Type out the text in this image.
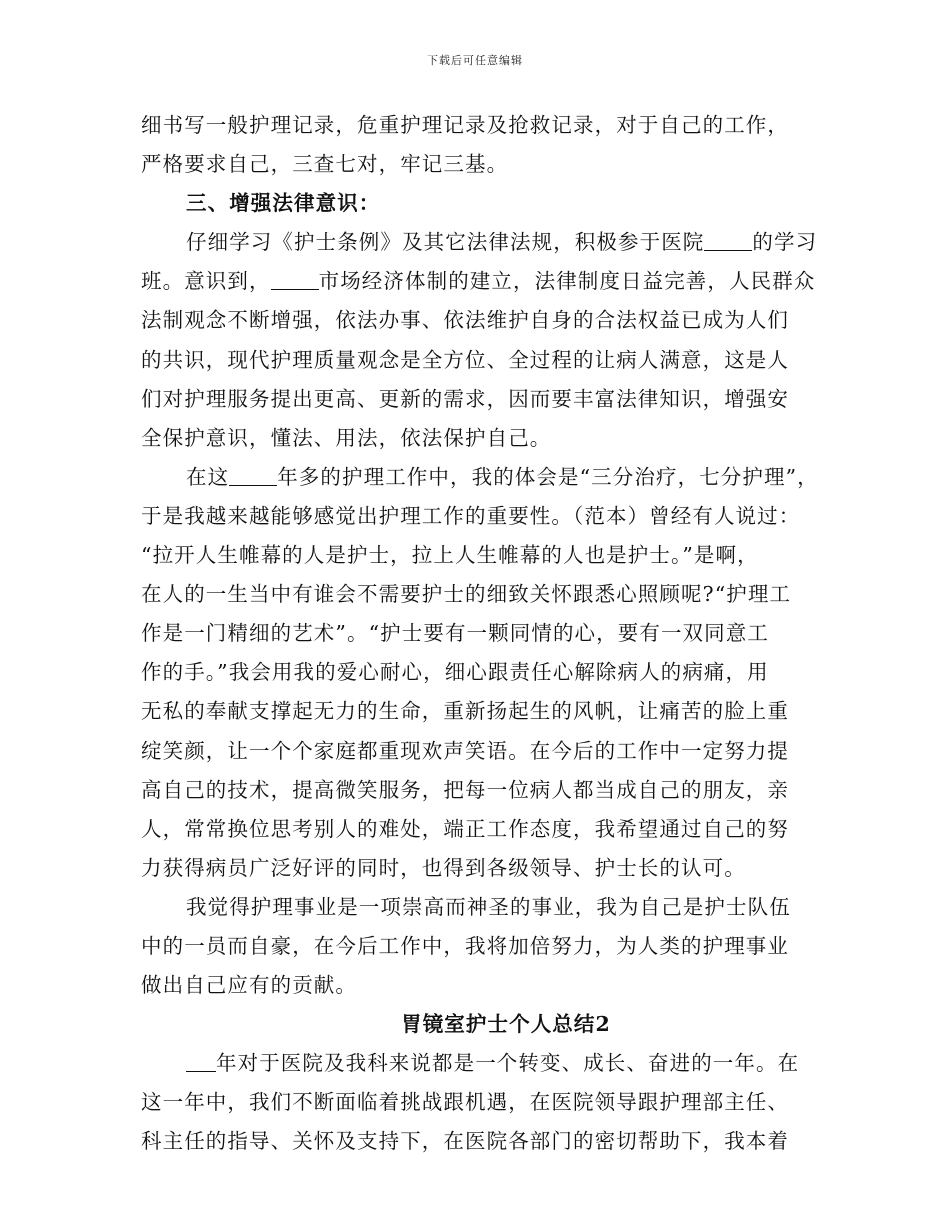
下载后可任意编辑
细书写一般护理记录，危重护理记录及抢救记录，对于自己的工作，
严格要求自己，三查七对，牢记三基。
三、增强法律意识：
仔细学习《护士条例》及其它法律法规，积极参于医院 的学习
班。意识到， 市场经济体制的建立，法律制度日益完善，人民群众
法制观念不断增强，依法办事、依法维护自身的合法权益已成为人们
的共识，现代护理质量观念是全方位、全过程的让病人满意，这是人
们对护理服务提出更高、更新的需求，因而要丰富法律知识，增强安
全保护意识，懂法、用法，依法保护自己。
在这 年多的护理工作中，我的体会是“三分治疗，七分护理”，
于是我越来越能够感觉出护理工作的重要性。（范本）曾经有人说过：
“拉开人生帷幕的人是护士，拉上人生帷幕的人也是护士。”是啊，
在人的一生当中有谁会不需要护士的细致关怀跟悉心照顾呢?“护理工
作是一门精细的艺术”。“护士要有一颗同情的心，要有一双同意工
作的手。”我会用我的爱心耐心，细心跟责任心解除病人的病痛，用
无私的奉献支撑起无力的生命，重新扬起生的风帆，让痛苦的脸上重
绽笑颜，让一个个家庭都重现欢声笑语。在今后的工作中一定努力提
高自己的技术，提高微笑服务，把每一位病人都当成自己的朋友，亲
人，常常换位思考别人的难处，端正工作态度，我希望通过自己的努
力获得病员广泛好评的同时，也得到各级领导、护士长的认可。
我觉得护理事业是一项崇高而神圣的事业，我为自己是护士队伍
中的一员而自豪，在今后工作中，我将加倍努力，为人类的护理事业
做出自己应有的贡献。
胃镜室护士个人总结2
年对于医院及我科来说都是一个转变、成长、奋进的一年。在
这一年中，我们不断面临着挑战跟机遇，在医院领导跟护理部主任、
科主任的指导、关怀及支持下，在医院各部门的密切帮助下，我本着
